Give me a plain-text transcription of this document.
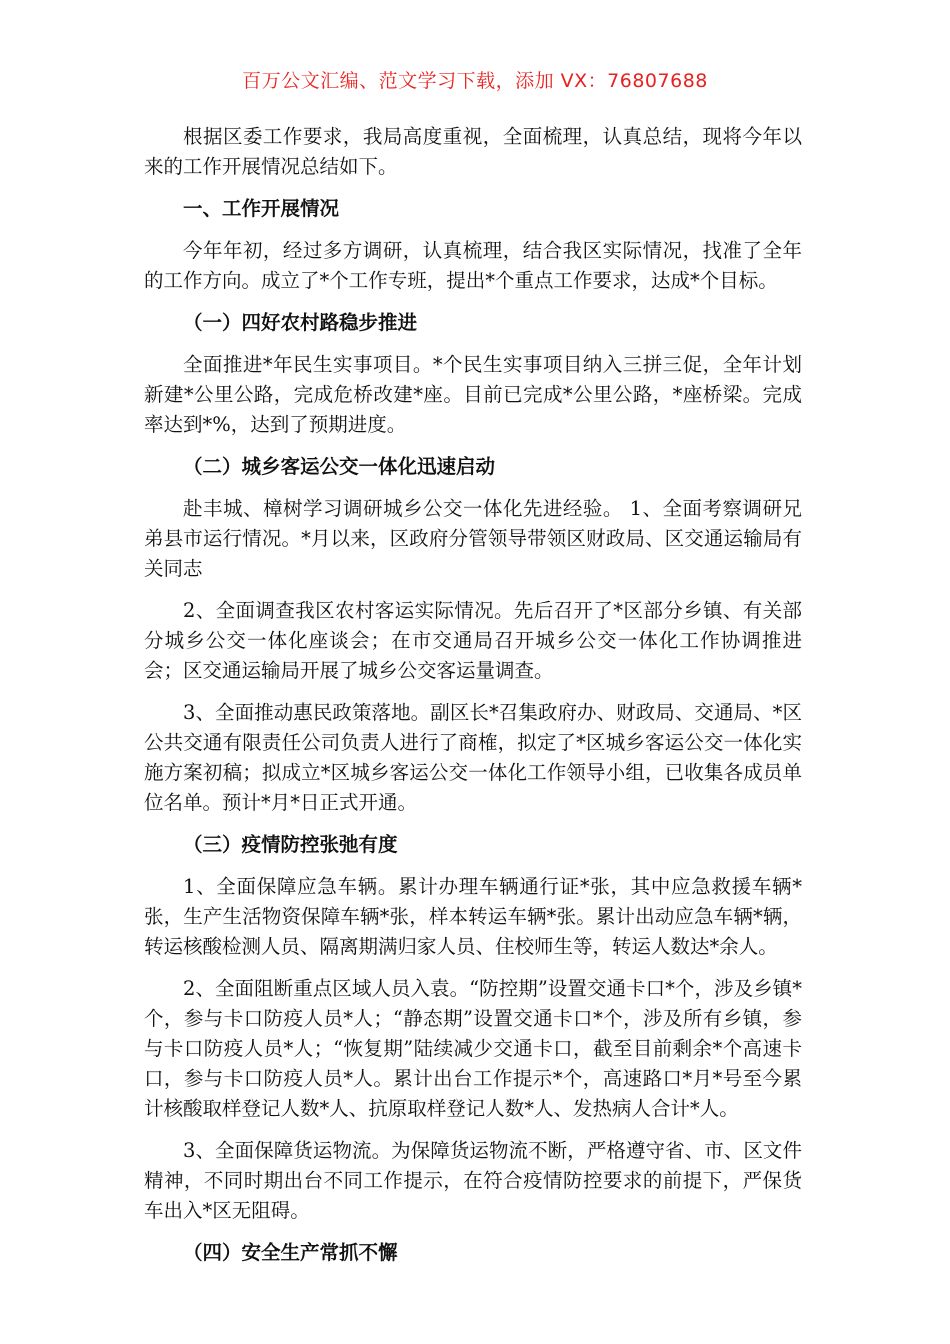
百万公文汇编、范文学习下载，添加 VX：76807688

根据区委工作要求，我局高度重视，全面梳理，认真总结，现将今年以来的工作开展情况总结如下。

一、工作开展情况

今年年初，经过多方调研，认真梳理，结合我区实际情况，找准了全年的工作方向。成立了*个工作专班，提出*个重点工作要求，达成*个目标。

（一）四好农村路稳步推进

全面推进*年民生实事项目。*个民生实事项目纳入三拼三促，全年计划新建*公里公路，完成危桥改建*座。目前已完成*公里公路，*座桥梁。完成率达到*%，达到了预期进度。

（二）城乡客运公交一体化迅速启动

赴丰城、樟树学习调研城乡公交一体化先进经验。 1、全面考察调研兄弟县市运行情况。*月以来，区政府分管领导带领区财政局、区交通运输局有关同志

2、全面调查我区农村客运实际情况。先后召开了*区部分乡镇、有关部分城乡公交一体化座谈会；在市交通局召开城乡公交一体化工作协调推进会；区交通运输局开展了城乡公交客运量调查。

3、全面推动惠民政策落地。副区长*召集政府办、财政局、交通局、*区公共交通有限责任公司负责人进行了商榷，拟定了*区城乡客运公交一体化实施方案初稿；拟成立*区城乡客运公交一体化工作领导小组，已收集各成员单位名单。预计*月*日正式开通。

（三）疫情防控张弛有度

1、全面保障应急车辆。累计办理车辆通行证*张，其中应急救援车辆*张，生产生活物资保障车辆*张，样本转运车辆*张。累计出动应急车辆*辆，转运核酸检测人员、隔离期满归家人员、住校师生等，转运人数达*余人。

2、全面阻断重点区域人员入袁。“防控期”设置交通卡口*个，涉及乡镇*个，参与卡口防疫人员*人；“静态期”设置交通卡口*个，涉及所有乡镇，参与卡口防疫人员*人；“恢复期”陆续减少交通卡口，截至目前剩余*个高速卡口，参与卡口防疫人员*人。累计出台工作提示*个，高速路口*月*号至今累计核酸取样登记人数*人、抗原取样登记人数*人、发热病人合计*人。

3、全面保障货运物流。为保障货运物流不断，严格遵守省、市、区文件精神，不同时期出台不同工作提示，在符合疫情防控要求的前提下，严保货车出入*区无阻碍。

（四）安全生产常抓不懈
